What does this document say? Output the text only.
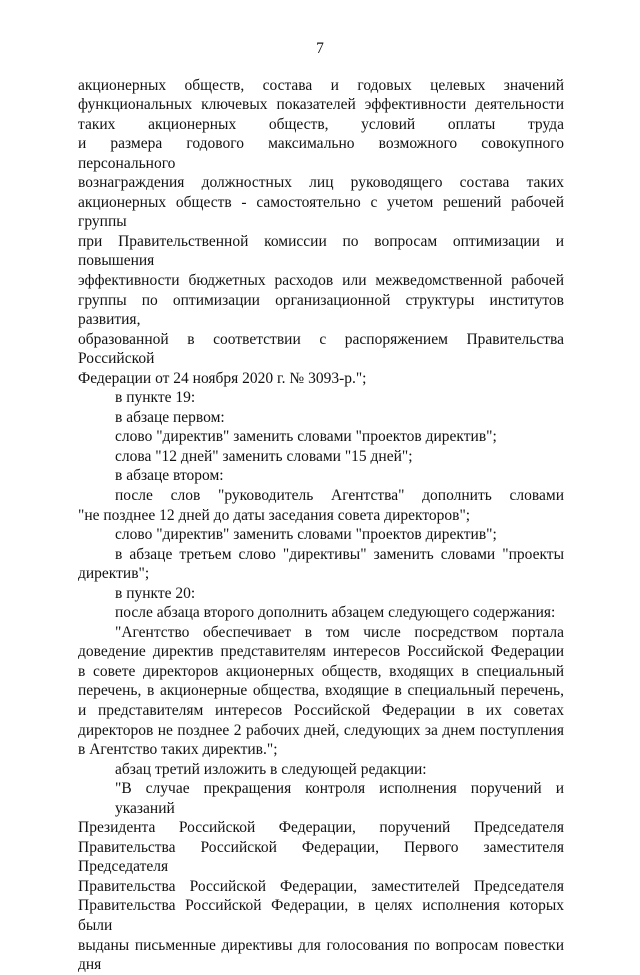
7
акционерных обществ, состава и годовых целевых значений
функциональных ключевых показателей эффективности деятельности
таких акционерных обществ, условий оплаты труда
и размера годового максимально возможного совокупного персонального
вознаграждения должностных лиц руководящего состава таких
акционерных обществ - самостоятельно с учетом решений рабочей группы
при Правительственной комиссии по вопросам оптимизации и повышения
эффективности бюджетных расходов или межведомственной рабочей
группы по оптимизации организационной структуры институтов развития,
образованной в соответствии с распоряжением Правительства Российской
Федерации от 24 ноября 2020 г. № 3093-р.";
в пункте 19:
в абзаце первом:
слово "директив" заменить словами "проектов директив";
слова "12 дней" заменить словами "15 дней";
в абзаце втором:
после слов "руководитель Агентства" дополнить словами
"не позднее 12 дней до даты заседания совета директоров";
слово "директив" заменить словами "проектов директив";
в абзаце третьем слово "директивы" заменить словами "проекты
директив";
в пункте 20:
после абзаца второго дополнить абзацем следующего содержания:
"Агентство обеспечивает в том числе посредством портала
доведение директив представителям интересов Российской Федерации
в совете директоров акционерных обществ, входящих в специальный
перечень, в акционерные общества, входящие в специальный перечень,
и представителям интересов Российской Федерации в их советах
директоров не позднее 2 рабочих дней, следующих за днем поступления
в Агентство таких директив.";
абзац третий изложить в следующей редакции:
"В случае прекращения контроля исполнения поручений и указаний
Президента Российской Федерации, поручений Председателя
Правительства Российской Федерации, Первого заместителя Председателя
Правительства Российской Федерации, заместителей Председателя
Правительства Российской Федерации, в целях исполнения которых были
выданы письменные директивы для голосования по вопросам повестки дня
